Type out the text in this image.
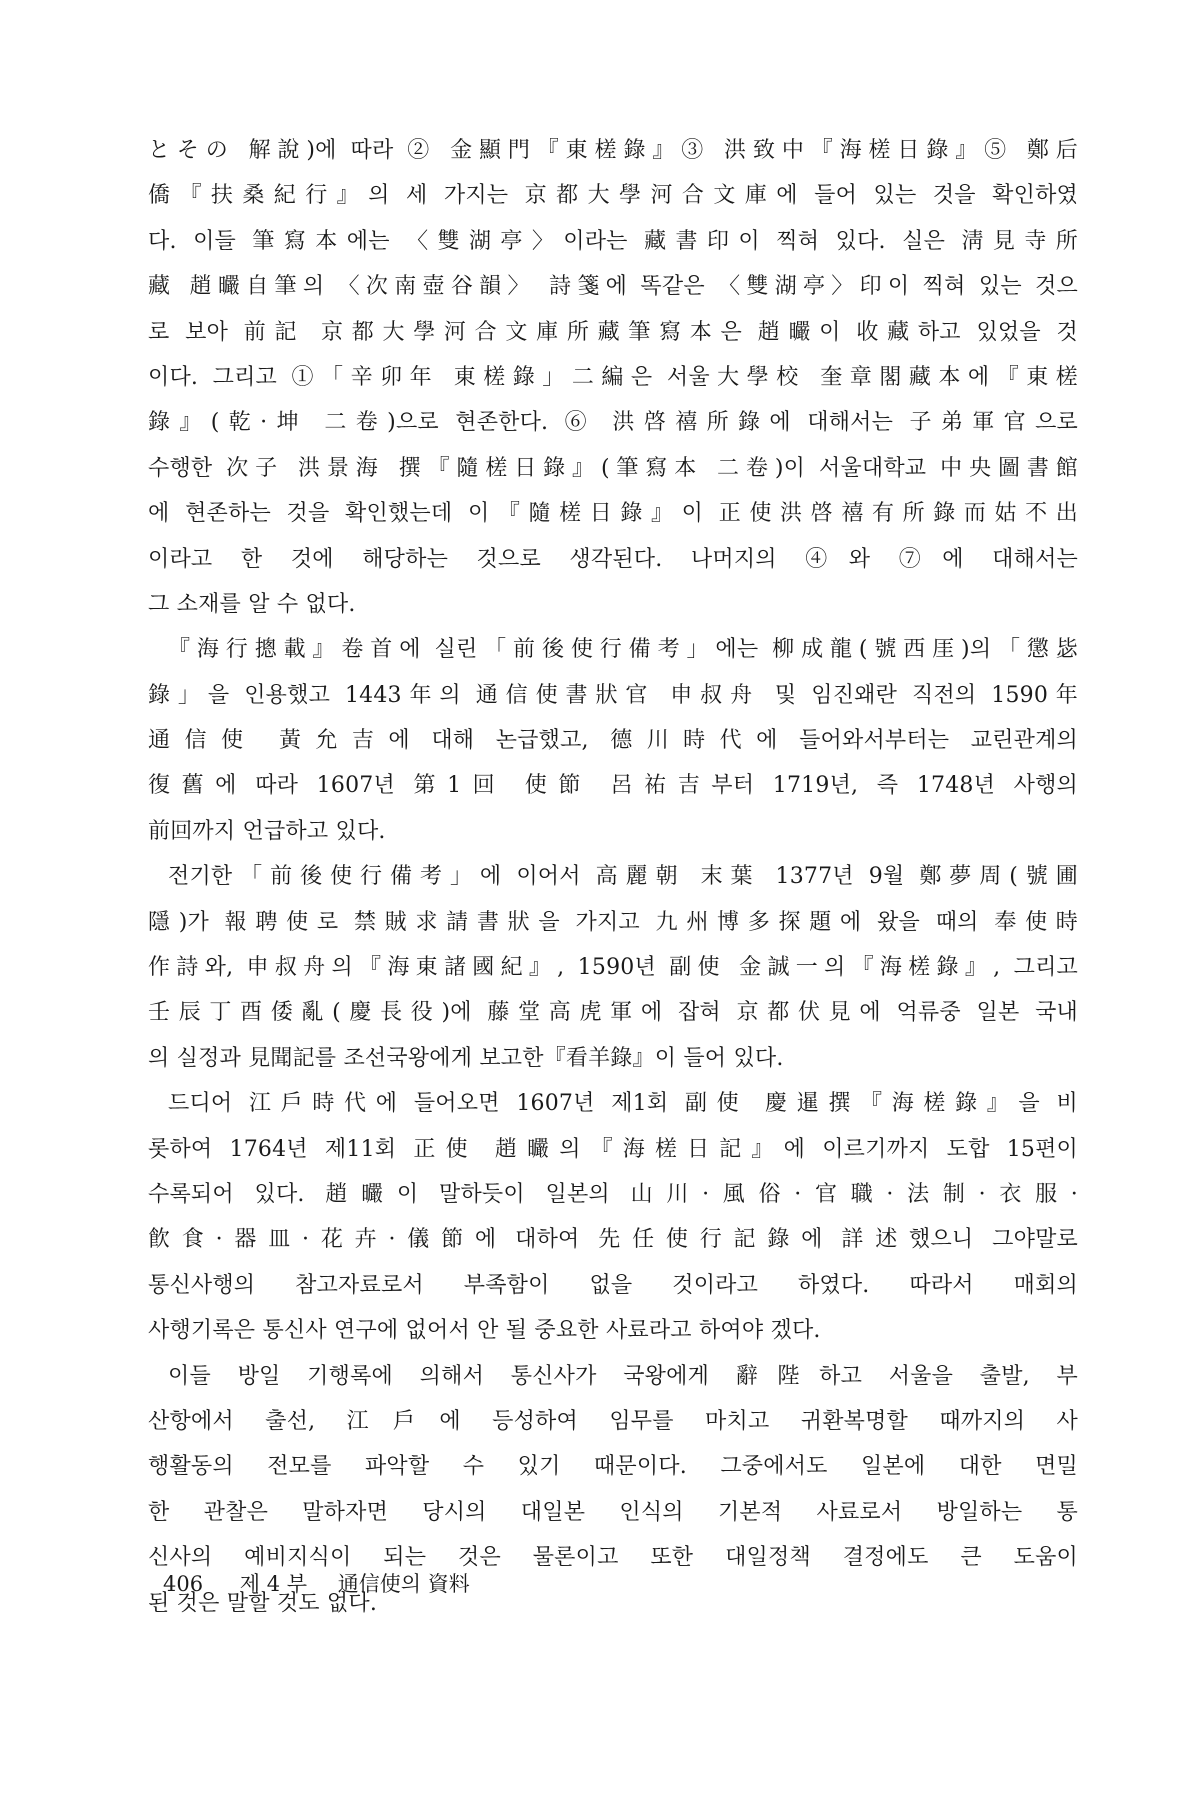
とその 解說)에 따라 ② 金顯門『東槎錄』③ 洪致中『海槎日錄』⑤ 鄭后
僑『扶桑紀行』의 세 가지는 京都大學河合文庫에 들어 있는 것을 확인하였
다. 이들 筆寫本에는 〈雙湖亭〉이라는 藏書印이 찍혀 있다. 실은 淸見寺所
藏 趙曮自筆의 〈次南壺谷韻〉 詩箋에 똑같은 〈雙湖亭〉印이 찍혀 있는 것으
로 보아 前記 京都大學河合文庫所藏筆寫本은 趙曮이 收藏하고 있었을 것
이다. 그리고 ①「辛卯年 東槎錄」二編은 서울大學校 奎章閣藏本에『東槎
錄』(乾·坤 二卷)으로 현존한다. ⑥ 洪啓禧所錄에 대해서는 子弟軍官으로
수행한 次子 洪景海 撰『隨槎日錄』(筆寫本 二卷)이 서울대학교 中央圖書館
에 현존하는 것을 확인했는데 이『隨槎日錄』이 正使洪啓禧有所錄而姑不出
이라고 한 것에 해당하는 것으로 생각된다. 나머지의 ④와 ⑦에 대해서는
그 소재를 알 수 없다.
『海行摠載』卷首에 실린「前後使行備考」에는 柳成龍(號西厓)의「懲毖
錄」을 인용했고 1443年의 通信使書狀官 申叔舟 및 임진왜란 직전의 1590年
通信使 黃允吉에 대해 논급했고, 德川時代에 들어와서부터는 교린관계의
復舊에 따라 1607년 第1回 使節 呂祐吉부터 1719년, 즉 1748년 사행의
前回까지 언급하고 있다.
전기한「前後使行備考」에 이어서 高麗朝 末葉 1377년 9월 鄭夢周(號圃
隱)가 報聘使로 禁賊求請書狀을 가지고 九州博多探題에 왔을 때의 奉使時
作詩와, 申叔舟의『海東諸國紀』, 1590년 副使 金誠一의『海槎錄』, 그리고
壬辰丁酉倭亂(慶長役)에 藤堂高虎軍에 잡혀 京都伏見에 억류중 일본 국내
의 실정과 見聞記를 조선국왕에게 보고한『看羊錄』이 들어 있다.
드디어 江戶時代에 들어오면 1607년 제1회 副使 慶暹撰『海槎錄』을 비
롯하여 1764년 제11회 正使 趙曮의『海槎日記』에 이르기까지 도합 15편이
수록되어 있다. 趙曮이 말하듯이 일본의 山川·風俗·官職·法制·衣服·
飮食·器皿·花卉·儀節에 대하여 先任使行記錄에 詳述했으니 그야말로
통신사행의 참고자료로서 부족함이 없을 것이라고 하였다. 따라서 매회의
사행기록은 통신사 연구에 없어서 안 될 중요한 사료라고 하여야 겠다.
이들 방일 기행록에 의해서 통신사가 국왕에게 辭陛하고 서울을 출발, 부
산항에서 출선, 江戶에 등성하여 임무를 마치고 귀환복명할 때까지의 사
행활동의 전모를 파악할 수 있기 때문이다. 그중에서도 일본에 대한 면밀
한 관찰은 말하자면 당시의 대일본 인식의 기본적 사료로서 방일하는 통
신사의 예비지식이 되는 것은 물론이고 또한 대일정책 결정에도 큰 도움이
된 것은 말할 것도 없다.
406 제 4 부 通信使의 資料
